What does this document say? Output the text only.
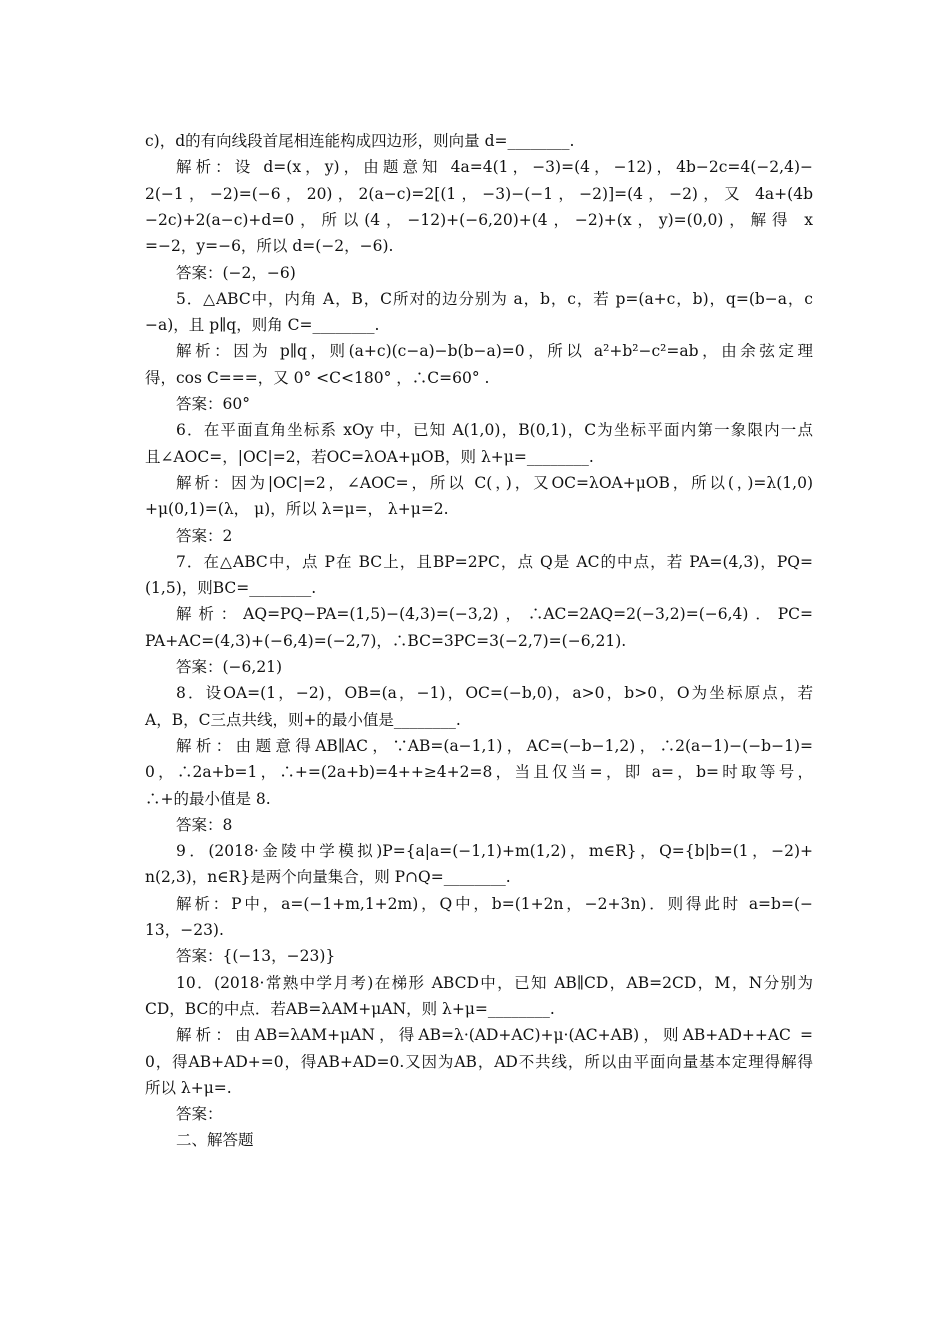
c)，d的有向线段首尾相连能构成四边形，则向量 d=________.
解析：设 d=(x，y)，由题意知 4a=4(1，−3)=(4，−12)，4b−2c=4(−2,4)−
2(−1，−2)=(−6，20)，2(a−c)=2[(1，−3)−(−1，−2)]=(4，−2)，又 4a+(4b
−2c)+2(a−c)+d=0，所以(4，−12)+(−6,20)+(4，−2)+(x，y)=(0,0)，解得 x
=−2，y=−6，所以 d=(−2，−6).
答案：(−2，−6)
5．△ABC中，内角 A，B，C所对的边分别为 a，b，c，若 p=(a+c，b)，q=(b−a，c
−a)，且 p∥q，则角 C=________.
解析：因为 p∥q，则(a+c)(c−a)−b(b−a)=0，所以 a²+b²−c²=ab，由余弦定理
得，cos C===，又 0° <C<180° ，∴C=60° .
答案：60°
6．在平面直角坐标系 xOy 中，已知 A(1,0)，B(0,1)，C为坐标平面内第一象限内一点
且∠AOC=，|OC|=2，若OC=λOA+μOB，则 λ+μ=________.
解析：因为|OC|=2，∠AOC=，所以 C(，)，又OC=λOA+μOB，所以(，)=λ(1,0)
+μ(0,1)=(λ， μ)，所以 λ=μ=， λ+μ=2.
答案：2
7．在△ABC中，点 P在 BC上，且BP=2PC，点 Q是 AC的中点，若 PA=(4,3)，PQ=
(1,5)，则BC=________.
解析：AQ=PQ−PA=(1,5)−(4,3)=(−3,2)，∴AC=2AQ=2(−3,2)=(−6,4)．PC=
PA+AC=(4,3)+(−6,4)=(−2,7)，∴BC=3PC=3(−2,7)=(−6,21).
答案：(−6,21)
8．设OA=(1，−2)，OB=(a，−1)，OC=(−b,0)，a>0，b>0，O为坐标原点，若
A，B，C三点共线，则+的最小值是________.
解析：由题意得AB∥AC，∵AB=(a−1,1)，AC=(−b−1,2)，∴2(a−1)−(−b−1)=
0，∴2a+b=1，∴+=(2a+b)=4++≥4+2=8，当且仅当=，即 a=，b=时取等号，
∴+的最小值是 8.
答案：8
9．(2018·金陵中学模拟)P={a|a=(−1,1)+m(1,2)，m∈R}，Q={b|b=(1，−2)+
n(2,3)，n∈R}是两个向量集合，则 P∩Q=________.
解析：P中，a=(−1+m,1+2m)，Q中，b=(1+2n，−2+3n)．则得此时 a=b=(−
13，−23).
答案：{(−13，−23)}
10．(2018·常熟中学月考)在梯形 ABCD中，已知 AB∥CD，AB=2CD，M，N分别为
CD，BC的中点．若AB=λAM+μAN，则 λ+μ=________.
解析：由AB=λAM+μAN，得AB=λ·(AD+AC)+μ·(AC+AB)，则AB+AD++AC =
0，得AB+AD+=0，得AB+AD=0.又因为AB，AD不共线，所以由平面向量基本定理得解得
所以 λ+μ=.
答案：
二、解答题
